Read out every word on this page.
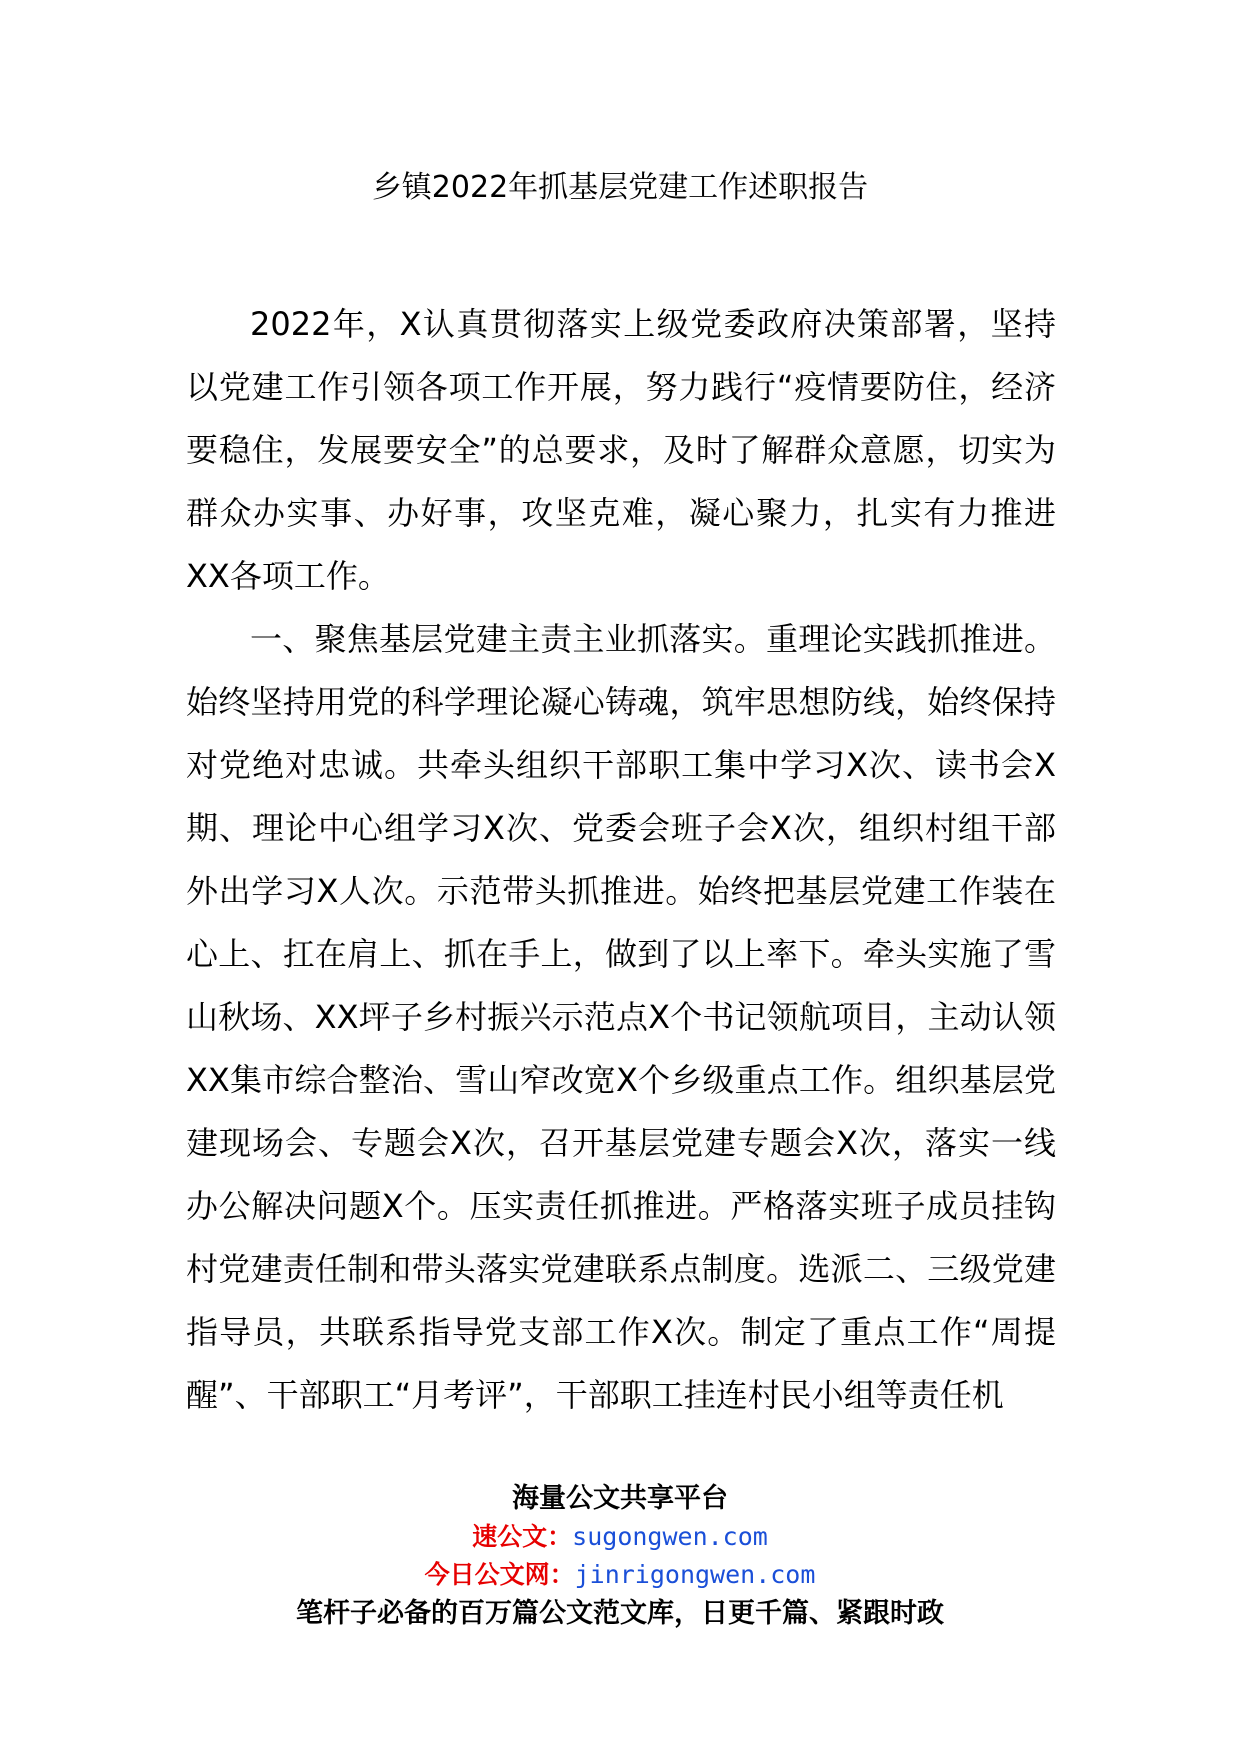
乡镇2022年抓基层党建工作述职报告

2022年，X认真贯彻落实上级党委政府决策部署，坚持以党建工作引领各项工作开展，努力践行“疫情要防住，经济要稳住，发展要安全”的总要求，及时了解群众意愿，切实为群众办实事、办好事，攻坚克难，凝心聚力，扎实有力推进XX各项工作。

一、聚焦基层党建主责主业抓落实。重理论实践抓推进。始终坚持用党的科学理论凝心铸魂，筑牢思想防线，始终保持对党绝对忠诚。共牵头组织干部职工集中学习X次、读书会X期、理论中心组学习X次、党委会班子会X次，组织村组干部外出学习X人次。示范带头抓推进。始终把基层党建工作装在心上、扛在肩上、抓在手上，做到了以上率下。牵头实施了雪山秋场、XX坪子乡村振兴示范点X个书记领航项目，主动认领XX集市综合整治、雪山窄改宽X个乡级重点工作。组织基层党建现场会、专题会X次，召开基层党建专题会X次，落实一线办公解决问题X个。压实责任抓推进。严格落实班子成员挂钩村党建责任制和带头落实党建联系点制度。选派二、三级党建指导员，共联系指导党支部工作X次。制定了重点工作“周提醒”、干部职工“月考评”，干部职工挂连村民小组等责任机

海量公文共享平台
速公文：sugongwen.com
今日公文网：jinrigongwen.com
笔杆子必备的百万篇公文范文库，日更千篇、紧跟时政
